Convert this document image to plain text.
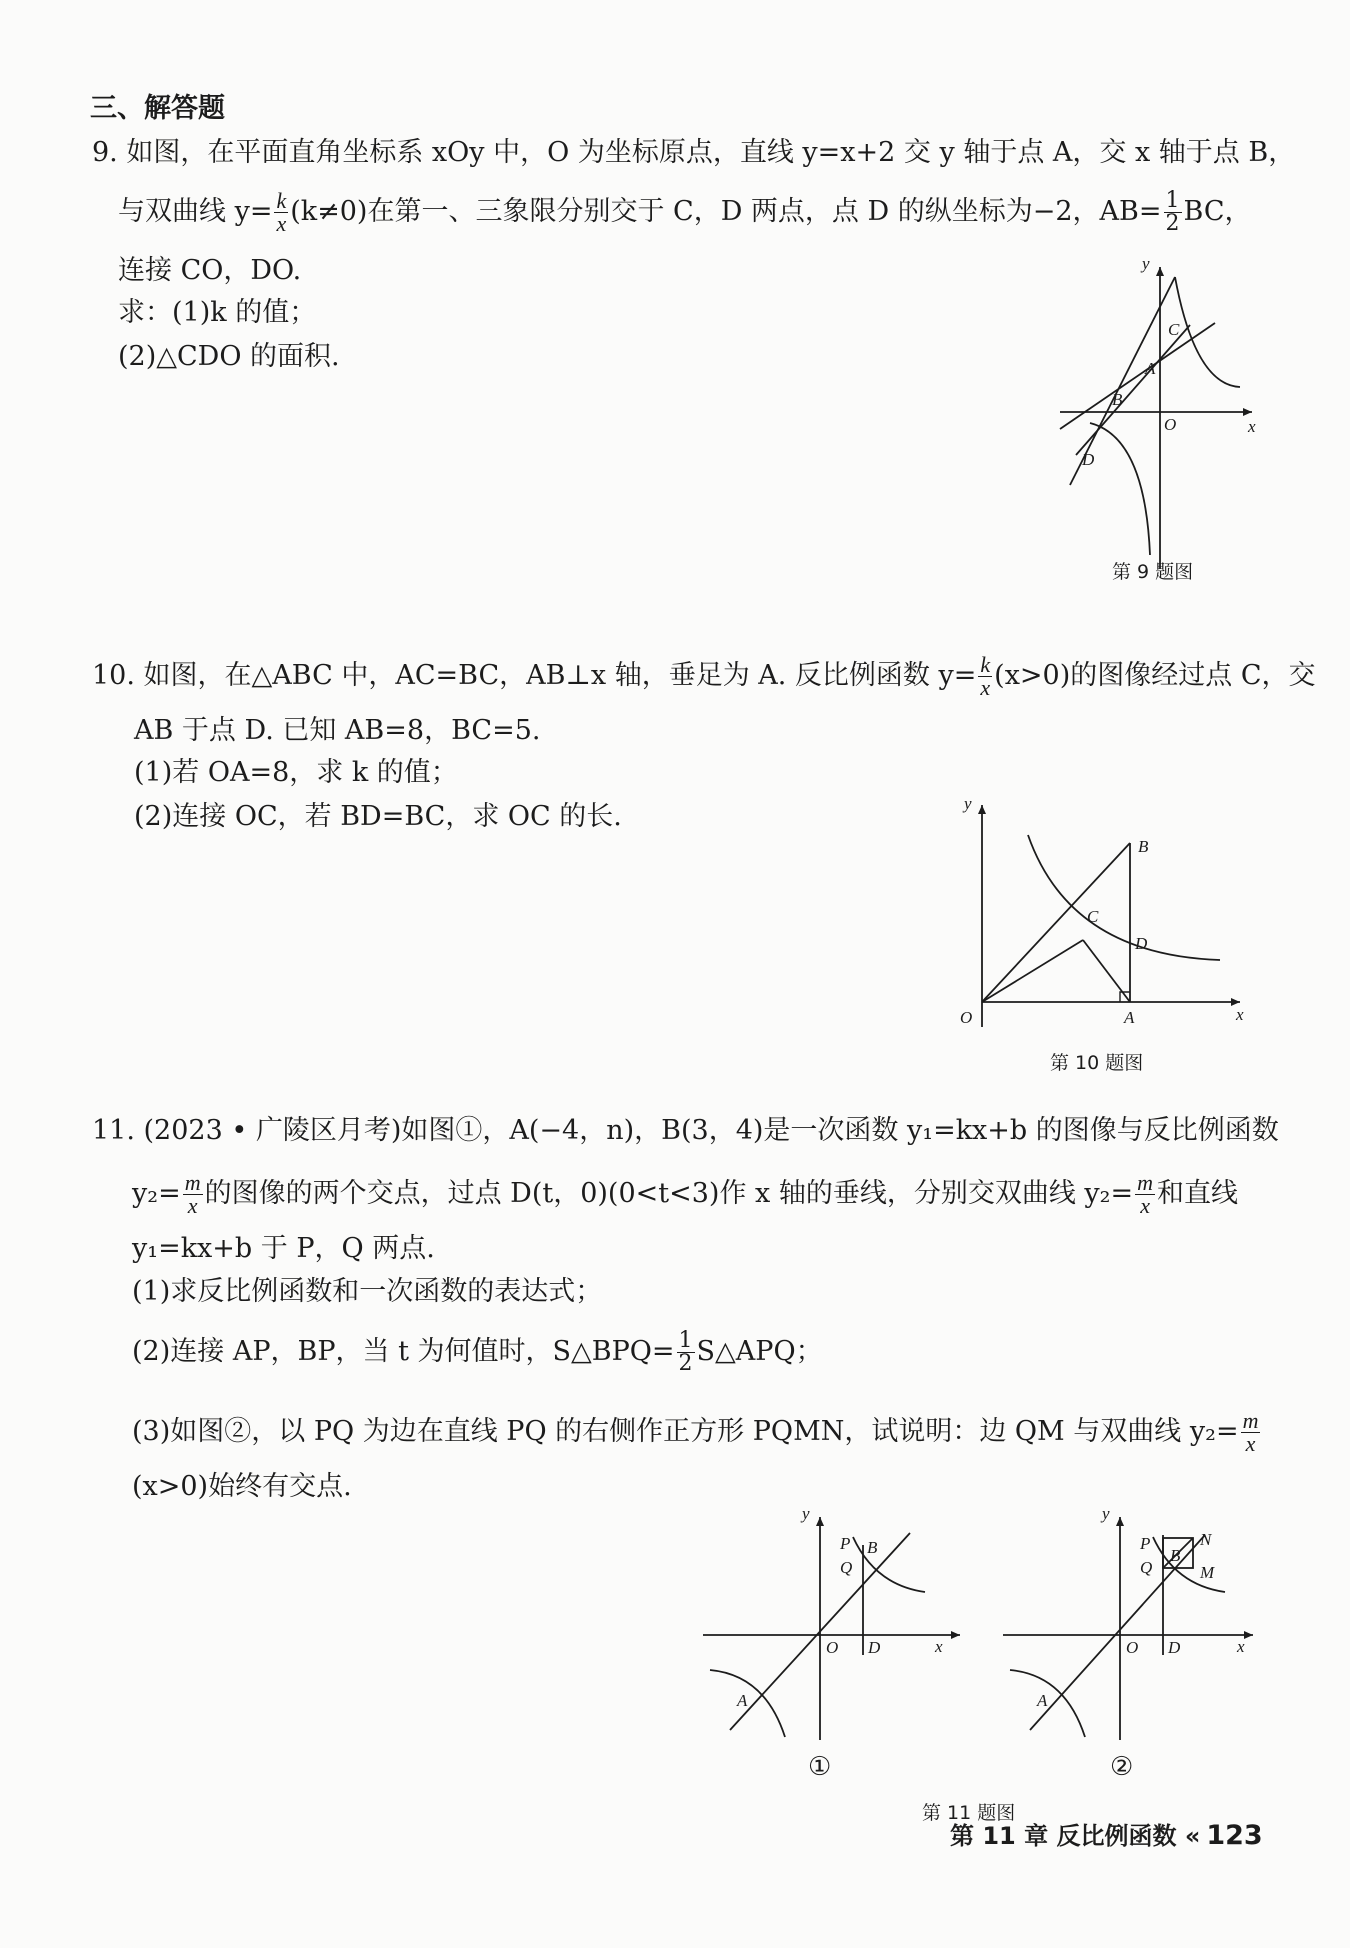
三、解答题
9. 如图，在平面直角坐标系 xOy 中，O 为坐标原点，直线 y=x+2 交 y 轴于点 A，交 x 轴于点 B，
与双曲线 $y= \frac{k}{x} (k\ne 0)$在第一、三象限分别交于 C，D 两点，点 D 的纵坐标为−2，$AB= \frac{1}{2}$ BC，
连接 CO，DO.
求：(1)k 的值；
(2)△CDO 的面积.
y
x
O
A
B
C
D
第 9 题图
10. 如图，在△ABC 中，AC=BC，AB⊥x 轴，垂足为 A. 反比例函数 $y= \frac{k}{x} (x>0)$的图像经过点 C，交
AB 于点 D. 已知 AB=8，BC=5.
(1)若 OA=8，求 k 的值；
(2)连接 OC，若 BD=BC，求 OC 的长.	y
x
O	A
B
C
D
第 10 题图
11. (2023 • 广陵区月考)如图①，A(−4，n)，B(3，4)是一次函数 y₁=kx+b 的图像与反比例函数
$y_2= \frac{m}{x}$ 的图像的两个交点，过点 D(t，0)(0<t<3)作 x 轴的垂线，分别交双曲线 $y_2= \frac{m}{x}$ 和直线
y₁=kx+b 于 P，Q 两点.
(1)求反比例函数和一次函数的表达式；
(2)连接 AP，BP，当 t 为何值时，S△BPQ= $\frac{1}{2}$ S△APQ；
(3)如图②，以 PQ 为边在直线 PQ 的右侧作正方形 PQMN，试说明：边 QM 与双曲线 $y_2= \frac{m}{x}$
(x>0)始终有交点.
y
x
O D
P
Q
B
A
①
y
x
O D
P
Q
B
N
M
A
②
第 11 题图
第 11 章 反比例函数 « 123
